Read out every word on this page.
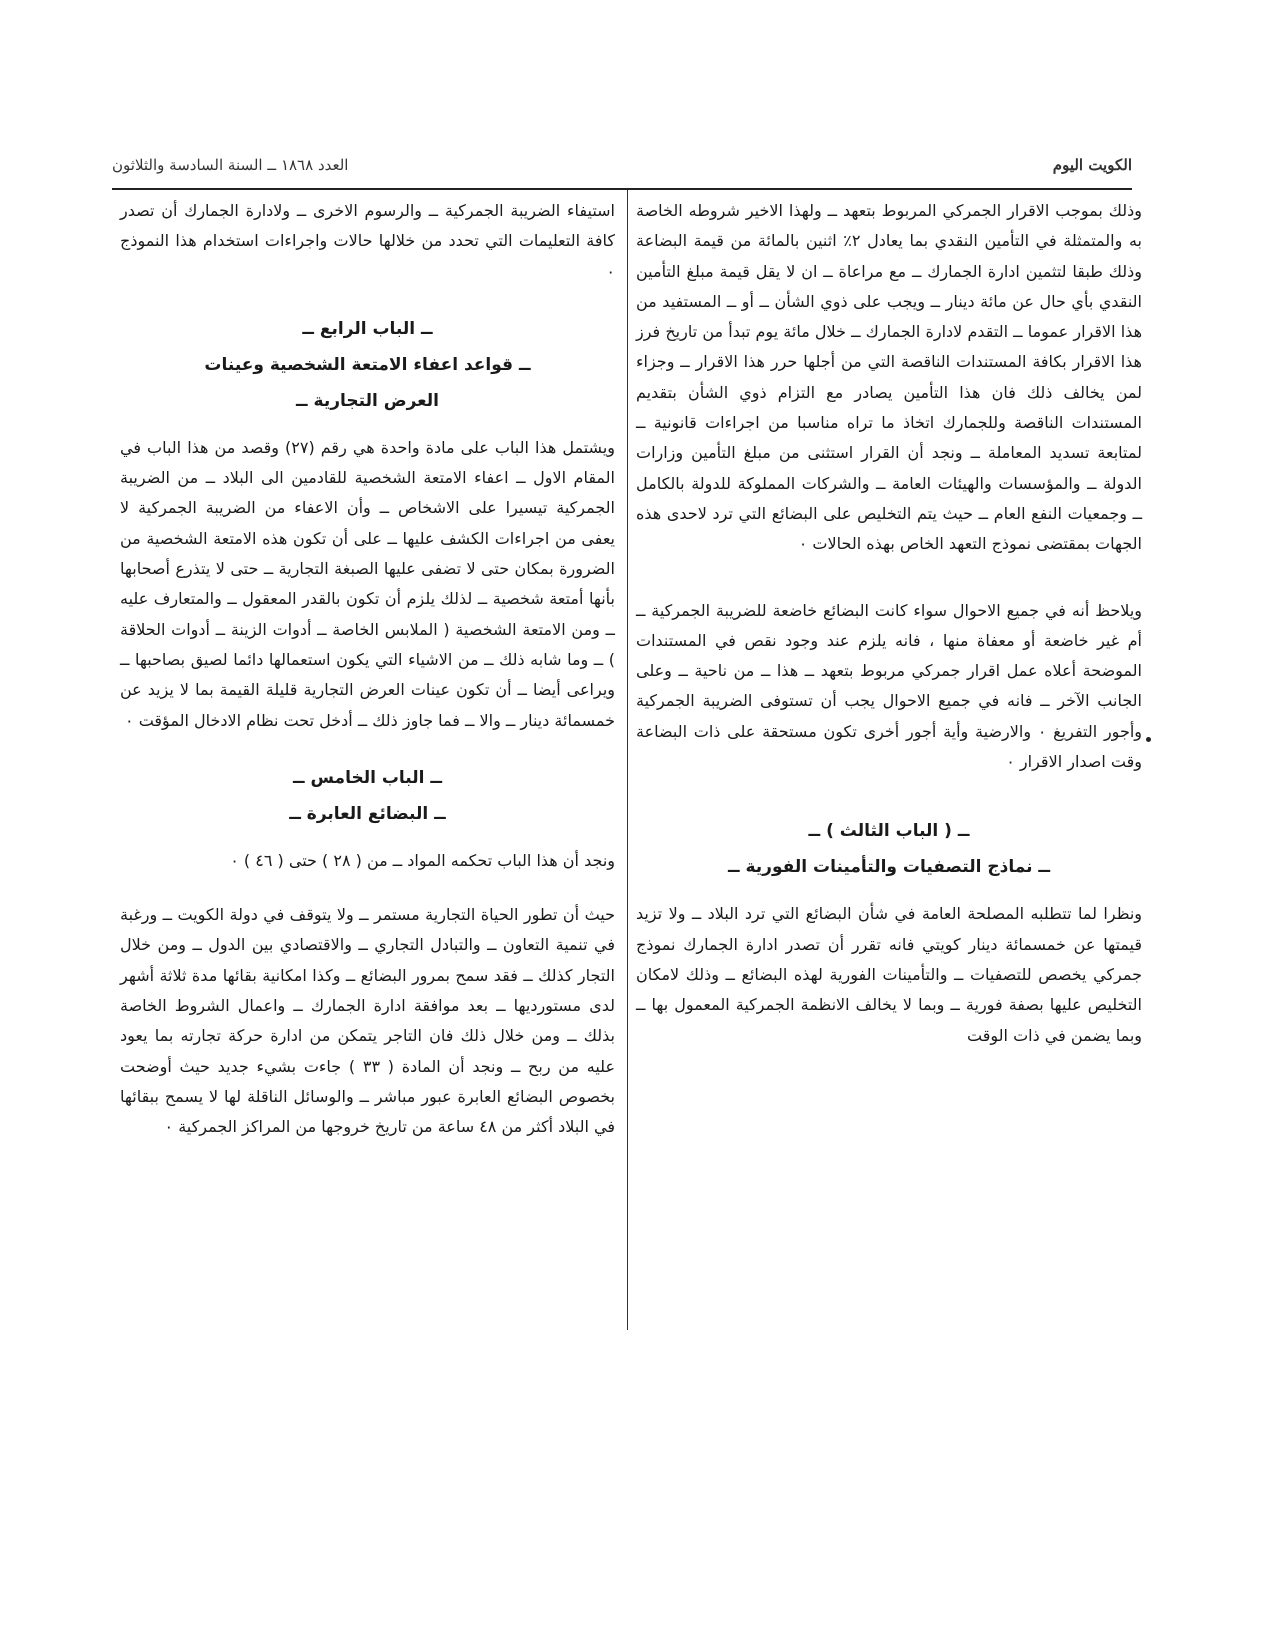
الكويت اليوم
العدد ١٨٦٨ ــ السنة السادسة والثلاثون

وذلك بموجب الاقرار الجمركي المربوط بتعهد ــ ولهذا الاخير شروطه الخاصة به والمتمثلة في التأمين النقدي بما يعادل ٢٪ اثنين بالمائة من قيمة البضاعة وذلك طبقا لتثمين ادارة الجمارك ــ مع مراعاة ــ ان لا يقل قيمة مبلغ التأمين النقدي بأي حال عن مائة دينار ــ ويجب على ذوي الشأن ــ أو ــ المستفيد من هذا الاقرار عموما ــ التقدم لادارة الجمارك ــ خلال مائة يوم تبدأ من تاريخ فرز هذا الاقرار بكافة المستندات الناقصة التي من أجلها حرر هذا الاقرار ــ وجزاء لمن يخالف ذلك فان هذا التأمين يصادر مع التزام ذوي الشأن بتقديم المستندات الناقصة وللجمارك اتخاذ ما تراه مناسبا من اجراءات قانونية ــ لمتابعة تسديد المعاملة ــ ونجد أن القرار استثنى من مبلغ التأمين وزارات الدولة ــ والمؤسسات والهيئات العامة ــ والشركات المملوكة للدولة بالكامل ــ وجمعيات النفع العام ــ حيث يتم التخليص على البضائع التي ترد لاحدى هذه الجهات بمقتضى نموذج التعهد الخاص بهذه الحالات ٠

ويلاحظ أنه في جميع الاحوال سواء كانت البضائع خاضعة للضريبة الجمركية ــ أم غير خاضعة أو معفاة منها ، فانه يلزم عند وجود نقص في المستندات الموضحة أعلاه عمل اقرار جمركي مربوط بتعهد ــ هذا ــ من ناحية ــ وعلى الجانب الآخر ــ فانه في جميع الاحوال يجب أن تستوفى الضريبة الجمركية وأجور التفريغ ٠ والارضية وأية أجور أخرى تكون مستحقة على ذات البضاعة وقت اصدار الاقرار ٠

ــ ( الباب الثالث ) ــ
ــ نماذج التصفيات والتأمينات الفورية ــ

ونظرا لما تتطلبه المصلحة العامة في شأن البضائع التي ترد البلاد ــ ولا تزيد قيمتها عن خمسمائة دينار كويتي فانه تقرر أن تصدر ادارة الجمارك نموذج جمركي يخصص للتصفيات ــ والتأمينات الفورية لهذه البضائع ــ وذلك لامكان التخليص عليها بصفة فورية ــ وبما لا يخالف الانظمة الجمركية المعمول بها ــ وبما يضمن في ذات الوقت

استيفاء الضريبة الجمركية ــ والرسوم الاخرى ــ ولادارة الجمارك أن تصدر كافة التعليمات التي تحدد من خلالها حالات واجراءات استخدام هذا النموذج ٠

ــ الباب الرابع ــ
ــ قواعد اعفاء الامتعة الشخصية وعينات
العرض التجارية ــ

ويشتمل هذا الباب على مادة واحدة هي رقم (٢٧) وقصد من هذا الباب في المقام الاول ــ اعفاء الامتعة الشخصية للقادمين الى البلاد ــ من الضريبة الجمركية تيسيرا على الاشخاص ــ وأن الاعفاء من الضريبة الجمركية لا يعفى من اجراءات الكشف عليها ــ على أن تكون هذه الامتعة الشخصية من الضرورة بمكان حتى لا تضفى عليها الصبغة التجارية ــ حتى لا يتذرع أصحابها بأنها أمتعة شخصية ــ لذلك يلزم أن تكون بالقدر المعقول ــ والمتعارف عليه ــ ومن الامتعة الشخصية ( الملابس الخاصة ــ أدوات الزينة ــ أدوات الحلاقة ) ــ وما شابه ذلك ــ من الاشياء التي يكون استعمالها دائما لصيق بصاحبها ــ ويراعى أيضا ــ أن تكون عينات العرض التجارية قليلة القيمة بما لا يزيد عن خمسمائة دينار ــ والا ــ فما جاوز ذلك ــ أدخل تحت نظام الادخال المؤقت ٠

ــ الباب الخامس ــ
ــ البضائع العابرة ــ

ونجد أن هذا الباب تحكمه المواد ــ من ( ٢٨ ) حتى ( ٤٦ ) ٠

حيث أن تطور الحياة التجارية مستمر ــ ولا يتوقف في دولة الكويت ــ ورغبة في تنمية التعاون ــ والتبادل التجاري ــ والاقتصادي بين الدول ــ ومن خلال التجار كذلك ــ فقد سمح بمرور البضائع ــ وكذا امكانية بقائها مدة ثلاثة أشهر لدى مستورديها ــ بعد موافقة ادارة الجمارك ــ واعمال الشروط الخاصة بذلك ــ ومن خلال ذلك فان التاجر يتمكن من ادارة حركة تجارته بما يعود عليه من ربح ــ ونجد أن المادة ( ٣٣ ) جاءت بشيء جديد حيث أوضحت بخصوص البضائع العابرة عبور مباشر ــ والوسائل الناقلة لها لا يسمح ببقائها في البلاد أكثر من ٤٨ ساعة من تاريخ خروجها من المراكز الجمركية ٠
